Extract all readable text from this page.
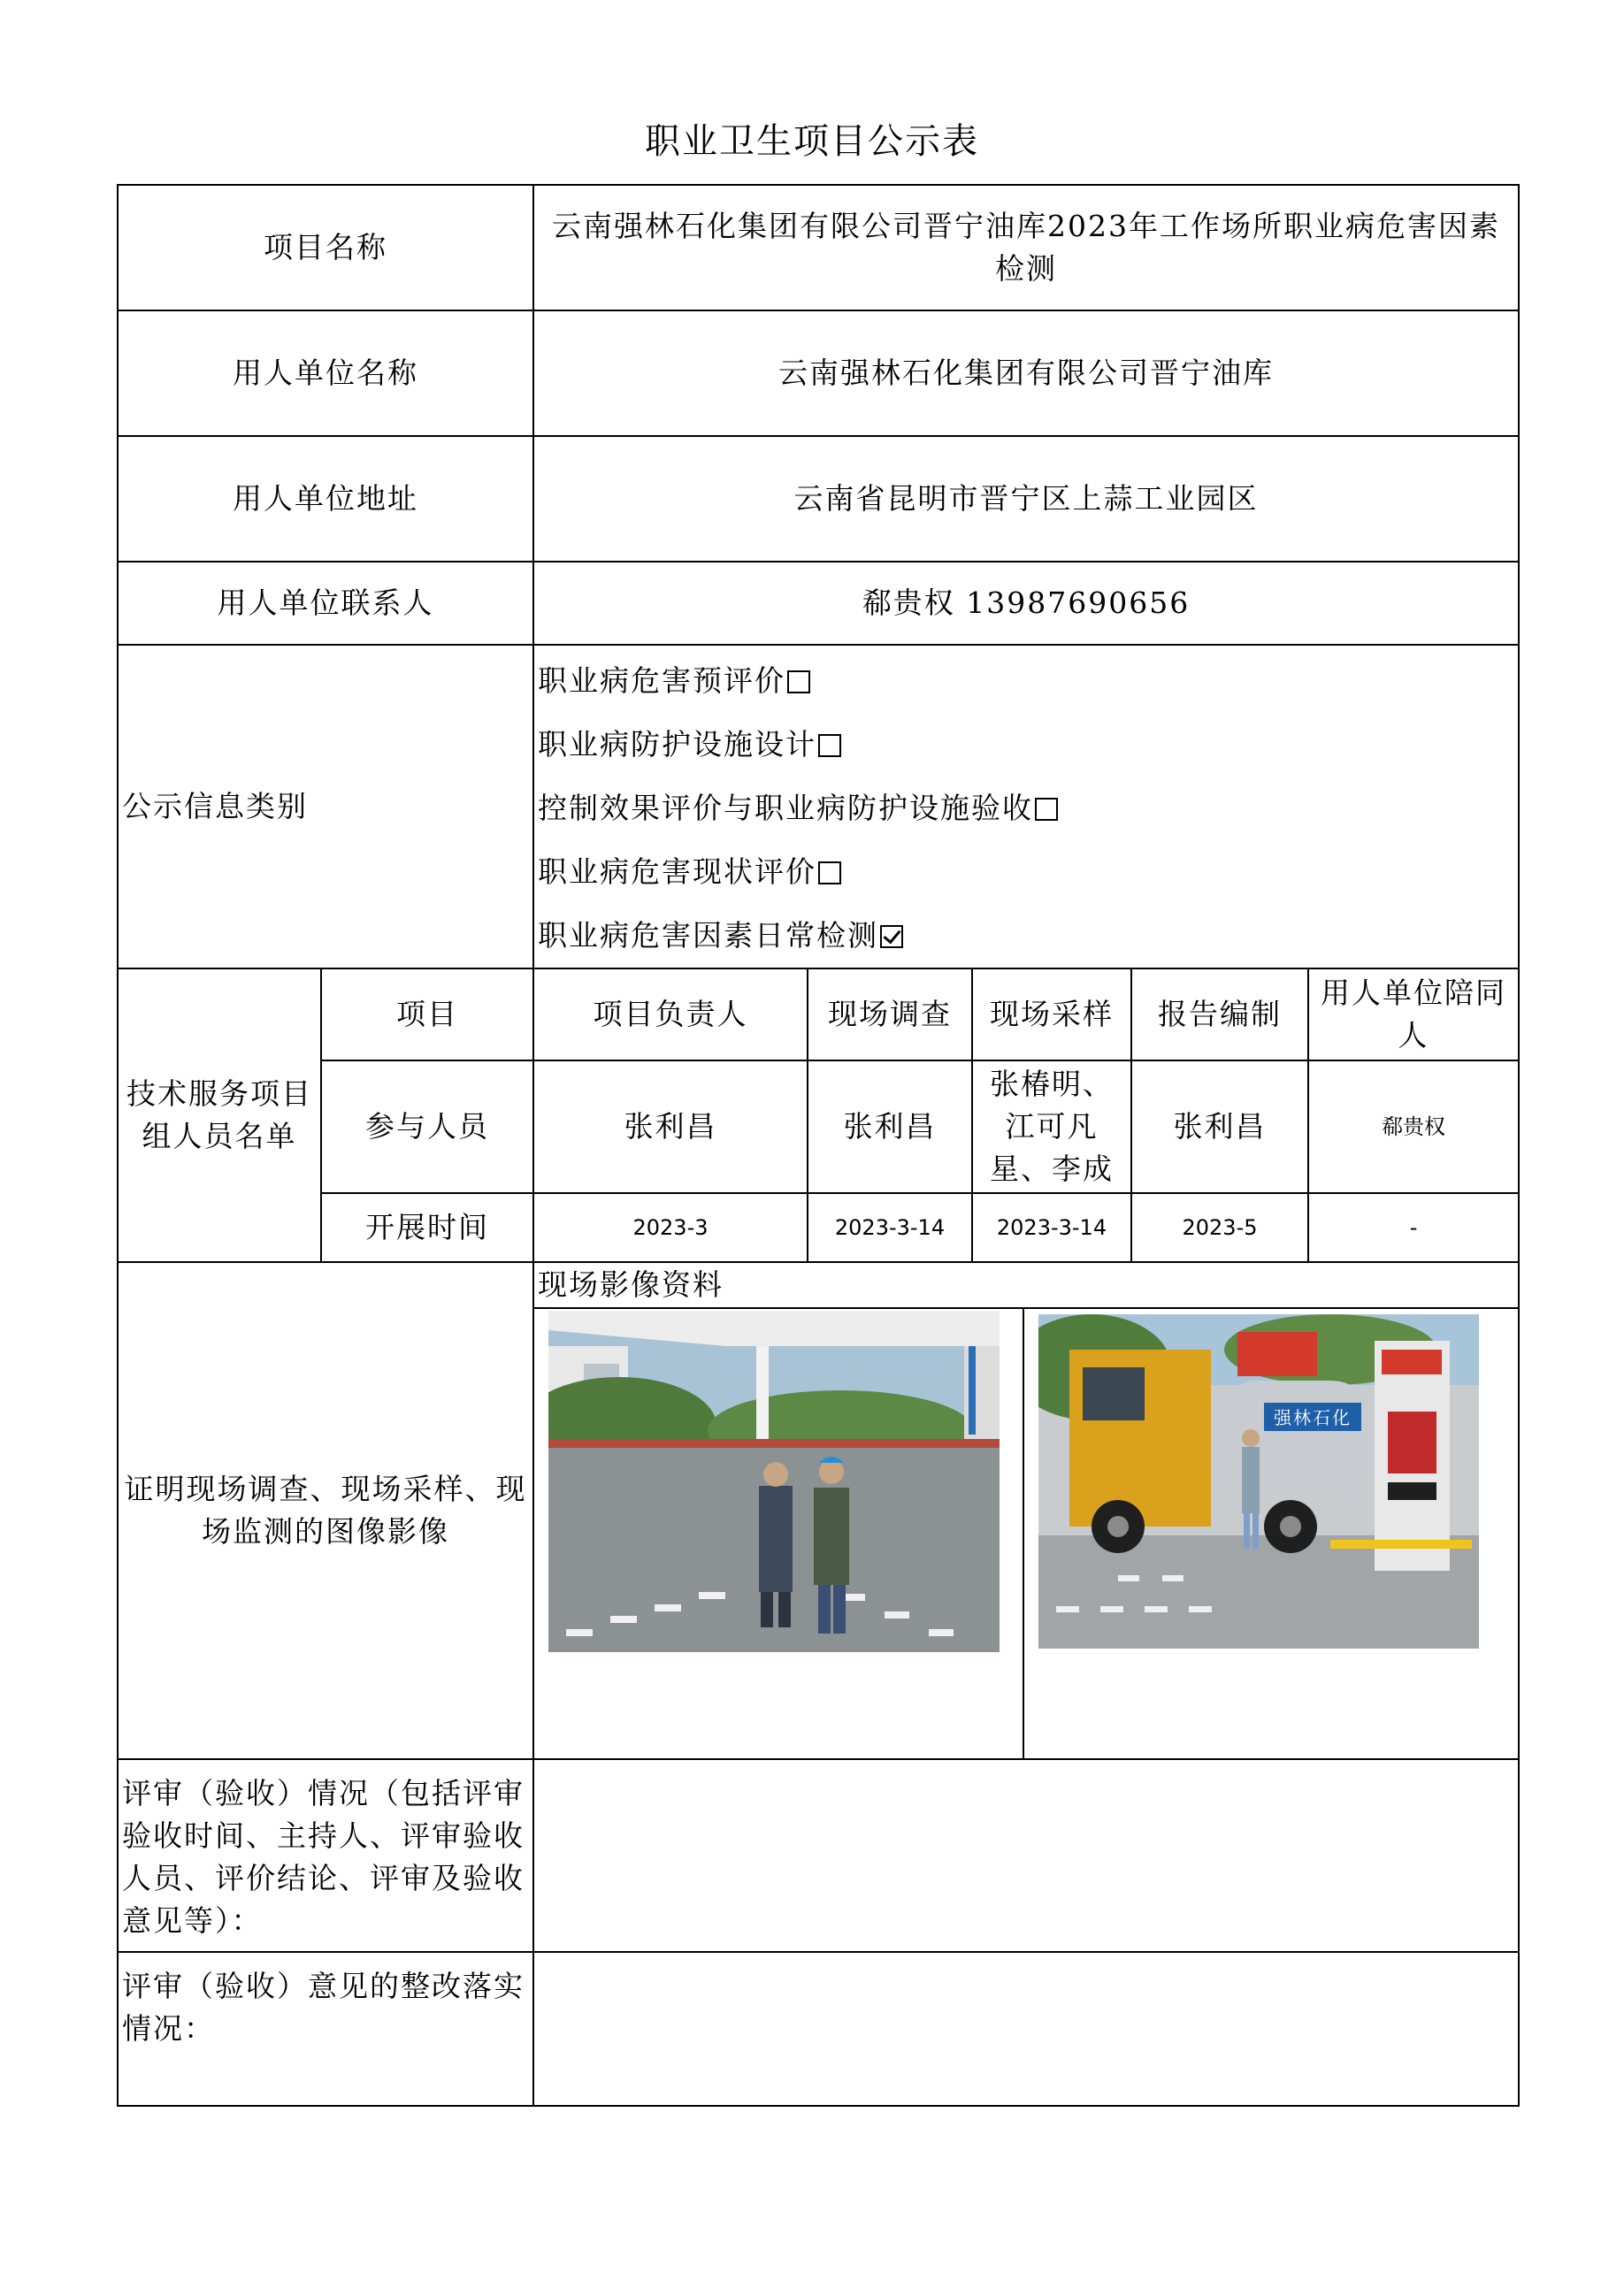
职业卫生项目公示表
项目名称		云南强林石化集团有限公司晋宁油库2023年工作场所职业病危害因素检测				
用人单位名称		云南强林石化集团有限公司晋宁油库				
用人单位地址		云南省昆明市晋宁区上蒜工业园区				
用人单位联系人		郗贵权 13987690656				
公示信息类别		职业病危害预评价
职业病防护设施设计
控制效果评价与职业病防护设施验收
职业病危害现状评价
职业病危害因素日常检测				

技术服务项目组人员名单	项目	项目负责人	现场调查	现场采样	报告编制	用人单位陪同人
	参与人员	张利昌	张利昌	张椿明、江可凡星、李成	张利昌	郗贵权
	开展时间	2023-3	2023-3-14	2023-3-14	2023-5	-
证明现场调查、现场采样、现场监测的图像影像		现场影像资料
强林石化				

评审（验收）情况（包括评审验收时间、主持人、评审验收人员、评价结论、评审及验收意见等）：						
评审（验收）意见的整改落实情况：						
